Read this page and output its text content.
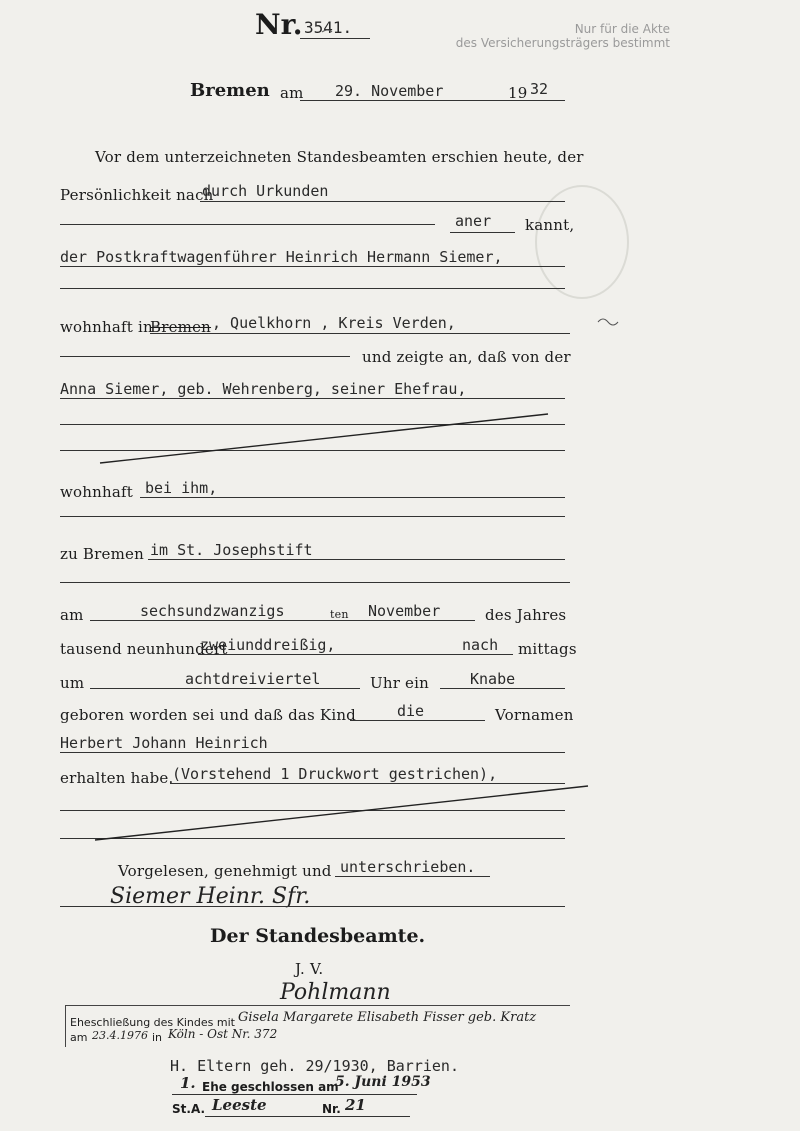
Nr. 3541.	Nur für die Akte
des Versicherungsträgers bestimmt
Bremen am 29. November	19 32
Vor dem unterzeichneten Standesbeamten erschien heute, der
Persönlichkeit nach
durch Urkunden
aner kannt,
der Postkraftwagenführer Heinrich Hermann Siemer,
wohnhaft in
Bremen , Quelkhorn , Kreis Verden,
und zeigte an, daß von der
Anna Siemer, geb. Wehrenberg, seiner Ehefrau,
wohnhaft bei ihm,
zu Bremen im St. Josephstift
am	sechsundzwanzigs	ten November	des Jahres
tausend neunhundert
zweiunddreißig,	nach mittags
um	achtdreiviertel	Uhr ein	Knabe
geboren worden sei und daß das Kind	die	Vornamen
Herbert Johann Heinrich
erhalten habe.
(Vorstehend 1 Druckwort gestrichen),
Vorgelesen, genehmigt und unterschrieben.
Siemer Heinr. Sfr.
Der Standesbeamte.
J. V.
Pohlmann
Eheschließung des Kindes mit Gisela Margarete Elisabeth Fisser geb. Kratz
am 23.4.1976 in Köln - Ost Nr. 372
H. Eltern geh. 29/1930, Barrien.
1. Ehe geschlossen am
5. Juni 1953
St.A. Leeste	Nr. 21
